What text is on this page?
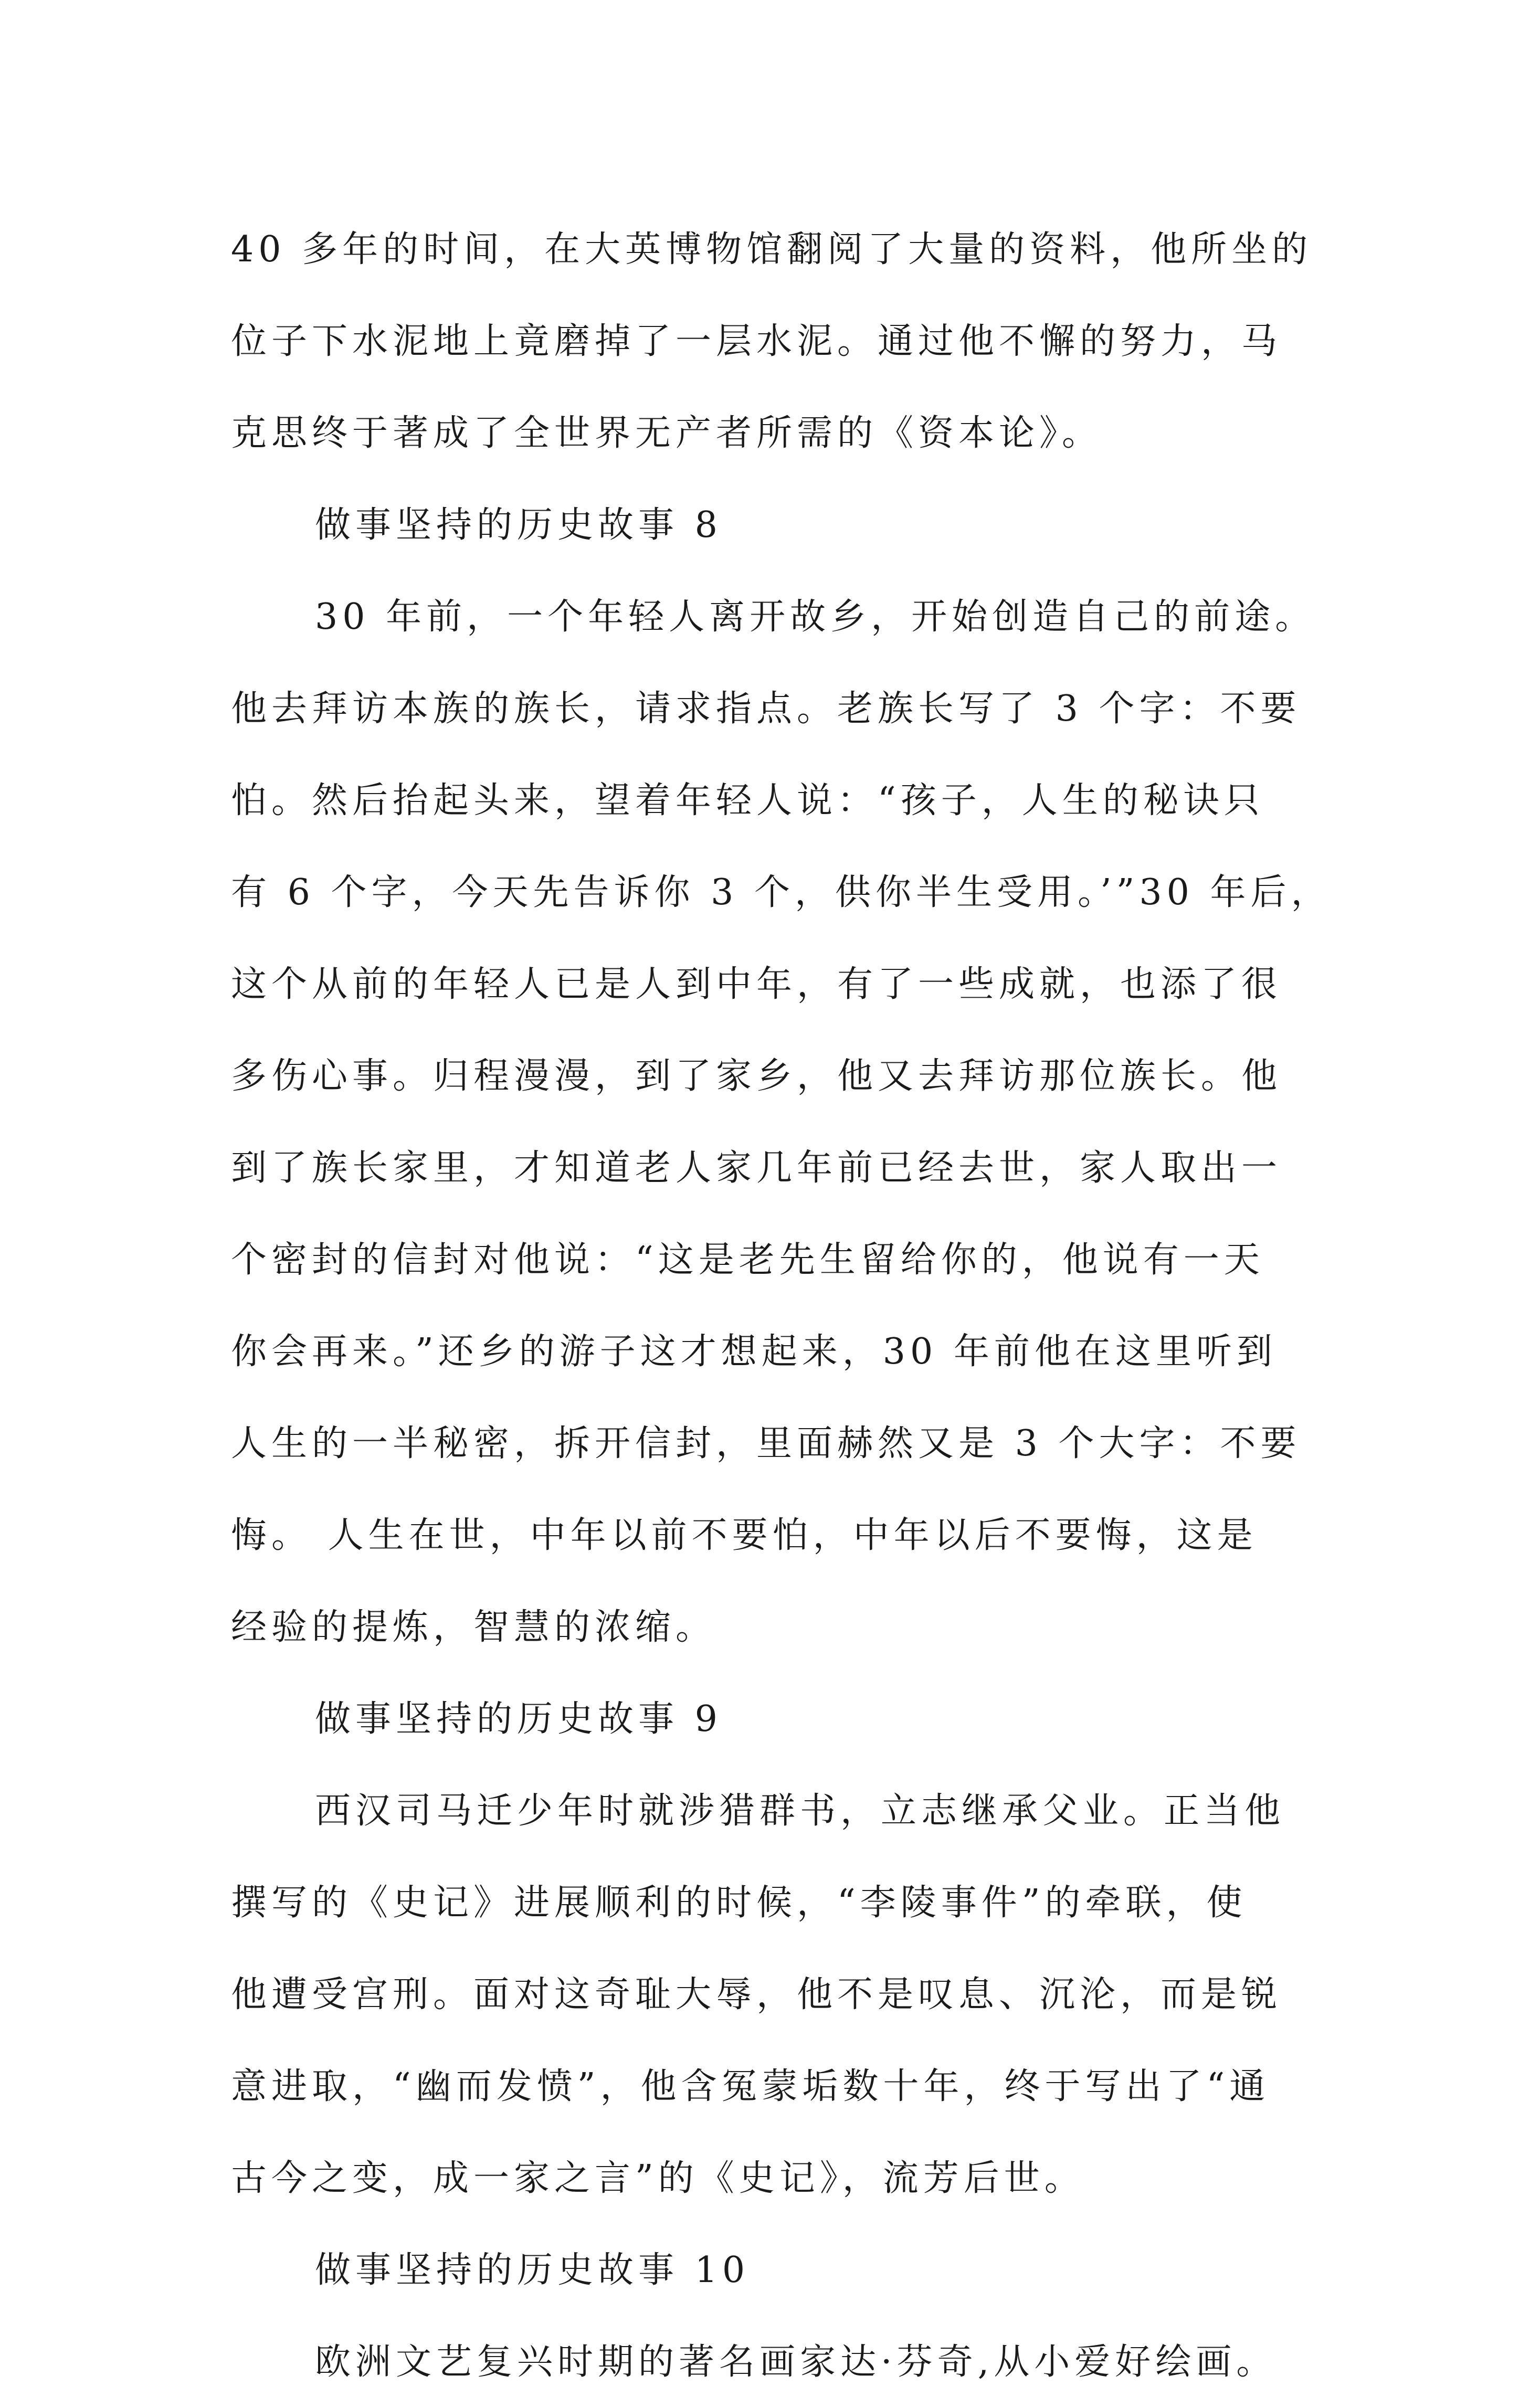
40 多年的时间，在大英博物馆翻阅了大量的资料，他所坐的
位子下水泥地上竟磨掉了一层水泥。通过他不懈的努力，马
克思终于著成了全世界无产者所需的《资本论》。
做事坚持的历史故事 8
30 年前，一个年轻人离开故乡，开始创造自己的前途。
他去拜访本族的族长，请求指点。老族长写了 3 个字：不要
怕。然后抬起头来，望着年轻人说：“孩子，人生的秘诀只
有 6 个字，今天先告诉你 3 个，供你半生受用。’”30 年后，
这个从前的年轻人已是人到中年，有了一些成就，也添了很
多伤心事。归程漫漫，到了家乡，他又去拜访那位族长。他
到了族长家里，才知道老人家几年前已经去世，家人取出一
个密封的信封对他说：“这是老先生留给你的，他说有一天
你会再来。”还乡的游子这才想起来，30 年前他在这里听到
人生的一半秘密，拆开信封，里面赫然又是 3 个大字：不要
悔。 人生在世，中年以前不要怕，中年以后不要悔，这是
经验的提炼，智慧的浓缩。
做事坚持的历史故事 9
西汉司马迁少年时就涉猎群书，立志继承父业。正当他
撰写的《史记》进展顺利的时候，“李陵事件”的牵联，使
他遭受宫刑。面对这奇耻大辱，他不是叹息、沉沦，而是锐
意进取，“幽而发愤”，他含冤蒙垢数十年，终于写出了“通
古今之变，成一家之言”的《史记》，流芳后世。
做事坚持的历史故事 10
欧洲文艺复兴时期的著名画家达·芬奇,从小爱好绘画。
